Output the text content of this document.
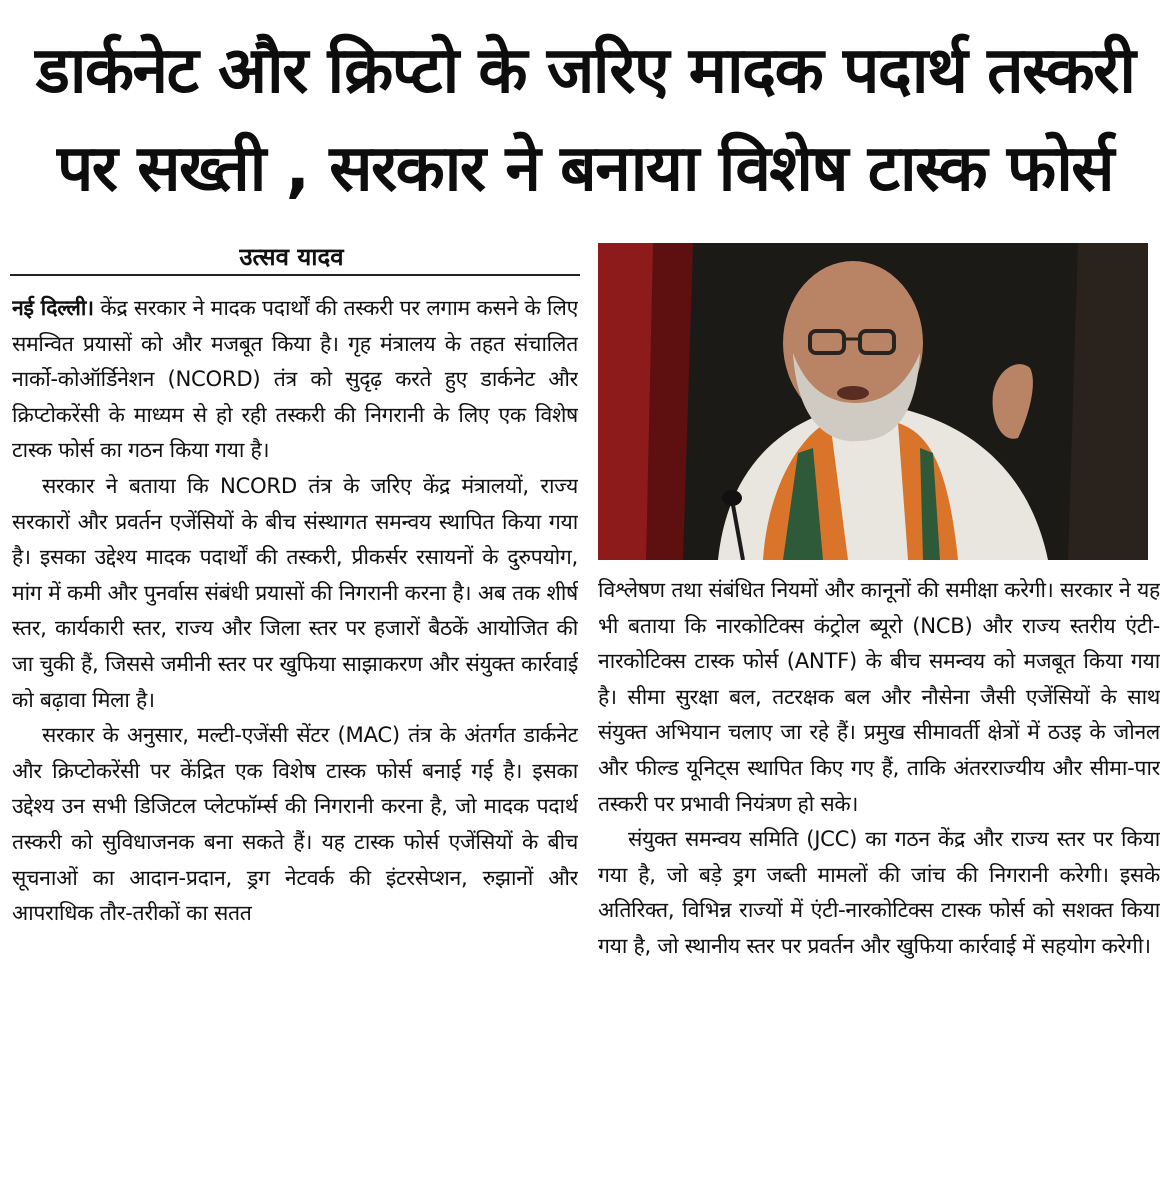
डार्कनेट और क्रिप्टो के जरिए मादक पदार्थ तस्करी
पर सख्ती , सरकार ने बनाया विशेष टास्क फोर्स
उत्सव यादव

नई दिल्ली। केंद्र सरकार ने मादक पदार्थों की तस्करी पर लगाम कसने के लिए समन्वित प्रयासों को और मजबूत किया है। गृह मंत्रालय के तहत संचालित नार्को-कोऑर्डिनेशन (NCORD) तंत्र को सुदृढ़ करते हुए डार्कनेट और क्रिप्टोकरेंसी के माध्यम से हो रही तस्करी की निगरानी के लिए एक विशेष टास्क फोर्स का गठन किया गया है।

सरकार ने बताया कि NCORD तंत्र के जरिए केंद्र मंत्रालयों, राज्य सरकारों और प्रवर्तन एजेंसियों के बीच संस्थागत समन्वय स्थापित किया गया है। इसका उद्देश्य मादक पदार्थों की तस्करी, प्रीकर्सर रसायनों के दुरुपयोग, मांग में कमी और पुनर्वास संबंधी प्रयासों की निगरानी करना है। अब तक शीर्ष स्तर, कार्यकारी स्तर, राज्य और जिला स्तर पर हजारों बैठकें आयोजित की जा चुकी हैं, जिससे जमीनी स्तर पर खुफिया साझाकरण और संयुक्त कार्रवाई को बढ़ावा मिला है।

सरकार के अनुसार, मल्टी-एजेंसी सेंटर (MAC) तंत्र के अंतर्गत डार्कनेट और क्रिप्टोकरेंसी पर केंद्रित एक विशेष टास्क फोर्स बनाई गई है। इसका उद्देश्य उन सभी डिजिटल प्लेटफॉर्म्स की निगरानी करना है, जो मादक पदार्थ तस्करी को सुविधाजनक बना सकते हैं। यह टास्क फोर्स एजेंसियों के बीच सूचनाओं का आदान-प्रदान, ड्रग नेटवर्क की इंटरसेप्शन, रुझानों और आपराधिक तौर-तरीकों का सतत

विश्लेषण तथा संबंधित नियमों और कानूनों की समीक्षा करेगी। सरकार ने यह भी बताया कि नारकोटिक्स कंट्रोल ब्यूरो (NCB) और राज्य स्तरीय एंटी-नारकोटिक्स टास्क फोर्स (ANTF) के बीच समन्वय को मजबूत किया गया है। सीमा सुरक्षा बल, तटरक्षक बल और नौसेना जैसी एजेंसियों के साथ संयुक्त अभियान चलाए जा रहे हैं। प्रमुख सीमावर्ती क्षेत्रों में ठउइ के जोनल और फील्ड यूनिट्स स्थापित किए गए हैं, ताकि अंतरराज्यीय और सीमा-पार तस्करी पर प्रभावी नियंत्रण हो सके।

संयुक्त समन्वय समिति (JCC) का गठन केंद्र और राज्य स्तर पर किया गया है, जो बड़े ड्रग जब्ती मामलों की जांच की निगरानी करेगी। इसके अतिरिक्त, विभिन्न राज्यों में एंटी-नारकोटिक्स टास्क फोर्स को सशक्त किया गया है, जो स्थानीय स्तर पर प्रवर्तन और खुफिया कार्रवाई में सहयोग करेगी।
